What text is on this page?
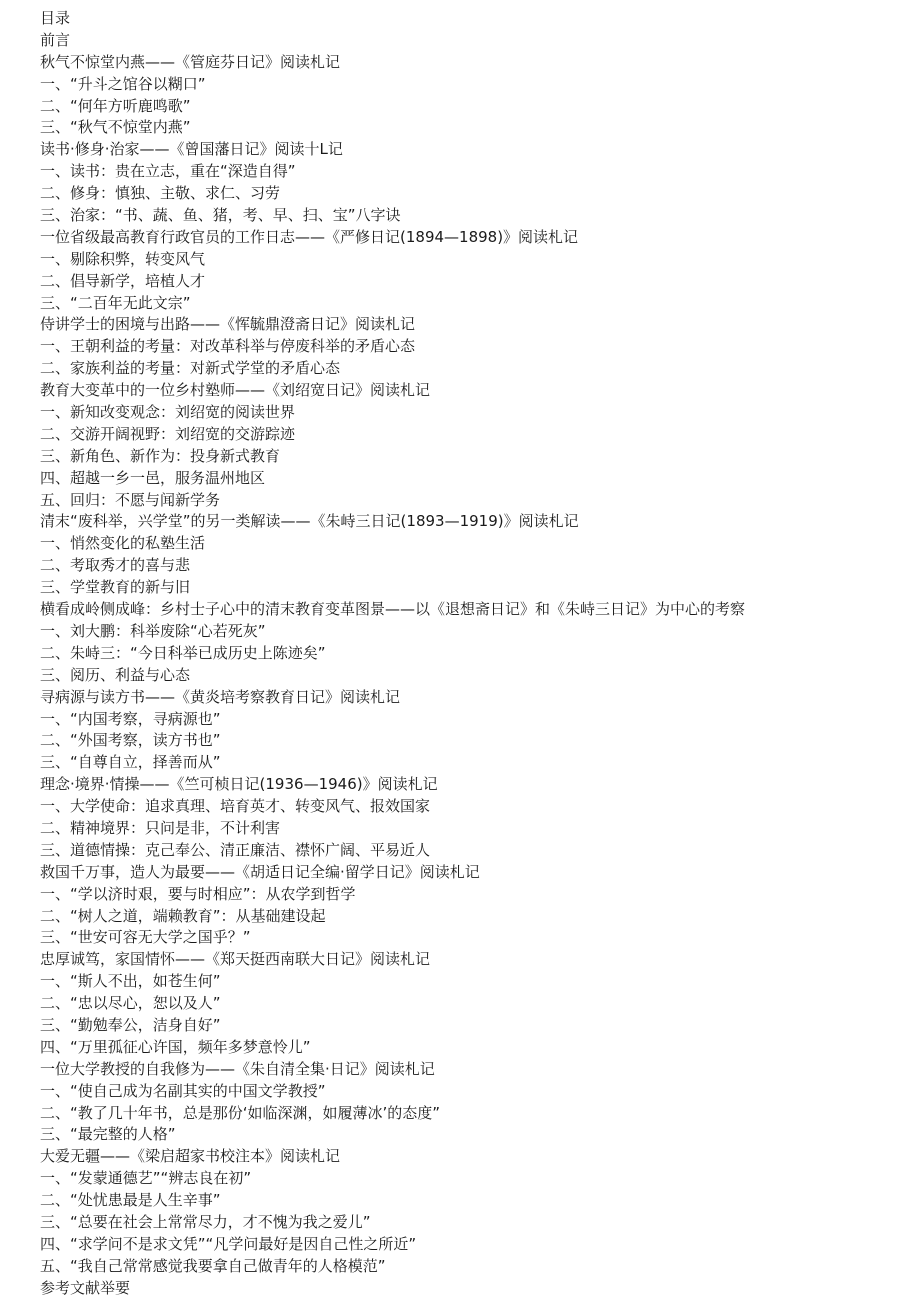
目录
前言
秋气不惊堂内燕——《管庭芬日记》阅读札记
一、“升斗之馆谷以糊口”
二、“何年方听鹿鸣歌”
三、“秋气不惊堂内燕”
读书·修身·治家——《曾国藩日记》阅读十L记
一、读书：贵在立志，重在“深造自得”
二、修身：慎独、主敬、求仁、习劳
三、治家：“书、蔬、鱼、猪，考、早、扫、宝”八字诀
一位省级最高教育行政官员的工作日志——《严修日记(1894—1898)》阅读札记
一、剔除积弊，转变风气
二、倡导新学，培植人才
三、“二百年无此文宗”
侍讲学士的困境与出路——《恽毓鼎澄斋日记》阅读札记
一、王朝利益的考量：对改革科举与停废科举的矛盾心态
二、家族利益的考量：对新式学堂的矛盾心态
教育大变革中的一位乡村塾师——《刘绍宽日记》阅读札记
一、新知改变观念：刘绍宽的阅读世界
二、交游开阔视野：刘绍宽的交游踪迹
三、新角色、新作为：投身新式教育
四、超越一乡一邑，服务温州地区
五、回归：不愿与闻新学务
清末“废科举，兴学堂”的另一类解读——《朱峙三日记(1893—1919)》阅读札记
一、悄然变化的私塾生活
二、考取秀才的喜与悲
三、学堂教育的新与旧
横看成岭侧成峰：乡村士子心中的清末教育变革图景——以《退想斋日记》和《朱峙三日记》为中心的考察
一、刘大鹏：科举废除“心若死灰”
二、朱峙三：“今日科举已成历史上陈迹矣”
三、阅历、利益与心态
寻病源与读方书——《黄炎培考察教育日记》阅读札记
一、“内国考察，寻病源也”
二、“外国考察，读方书也”
三、“自尊自立，择善而从”
理念·境界·情操——《竺可桢日记(1936—1946)》阅读札记
一、大学使命：追求真理、培育英才、转变风气、报效国家
二、精神境界：只问是非，不计利害
三、道德情操：克己奉公、清正廉洁、襟怀广阔、平易近人
救国千万事，造人为最要——《胡适日记全编·留学日记》阅读札记
一、“学以济时艰，要与时相应”：从农学到哲学
二、“树人之道，端赖教育”：从基础建设起
三、“世安可容无大学之国乎？”
忠厚诚笃，家国情怀——《郑天挺西南联大日记》阅读札记
一、“斯人不出，如苍生何”
二、“忠以尽心，恕以及人”
三、“勤勉奉公，洁身自好”
四、“万里孤征心许国，频年多梦意怜儿”
一位大学教授的自我修为——《朱自清全集·日记》阅读札记
一、“使自己成为名副其实的中国文学教授”
二、“教了几十年书，总是那份‘如临深渊，如履薄冰’的态度”
三、“最完整的人格”
大爱无疆——《梁启超家书校注本》阅读札记
一、“发蒙通德艺”“辨志良在初”
二、“处忧患最是人生辛事”
三、“总要在社会上常常尽力，才不愧为我之爱儿”
四、“求学问不是求文凭”“凡学问最好是因自己性之所近”
五、“我自己常常感觉我要拿自己做青年的人格模范”
参考文献举要
